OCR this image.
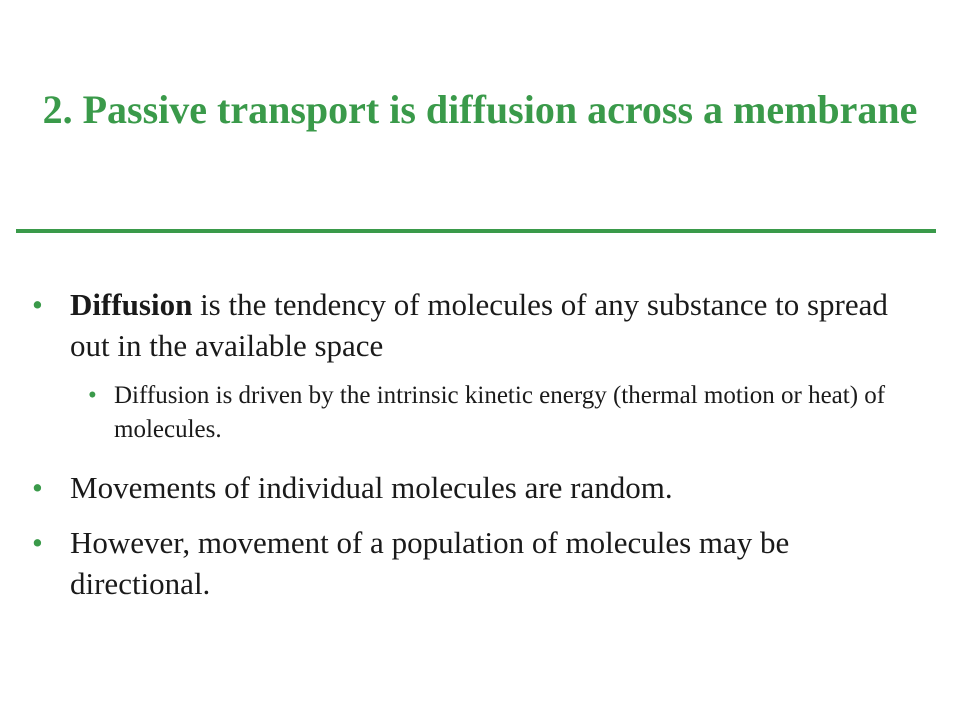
2. Passive transport is diffusion across a membrane
• Diffusion is the tendency of molecules of any substance to spread out in the available space
• Diffusion is driven by the intrinsic kinetic energy (thermal motion or heat) of molecules.
• Movements of individual molecules are random.
• However, movement of a population of molecules may be directional.
